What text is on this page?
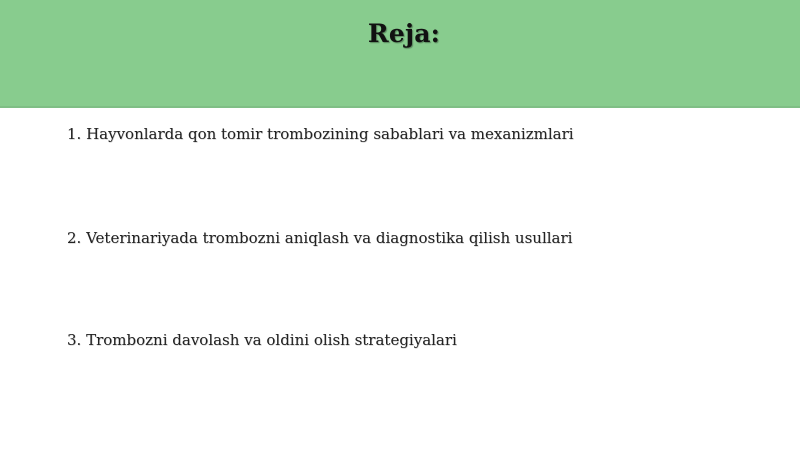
Reja:
1. Hayvonlarda qon tomir trombozining sabablari va mexanizmlari
2. Veterinariyada trombozni aniqlash va diagnostika qilish usullari
3. Trombozni davolash va oldini olish strategiyalari
